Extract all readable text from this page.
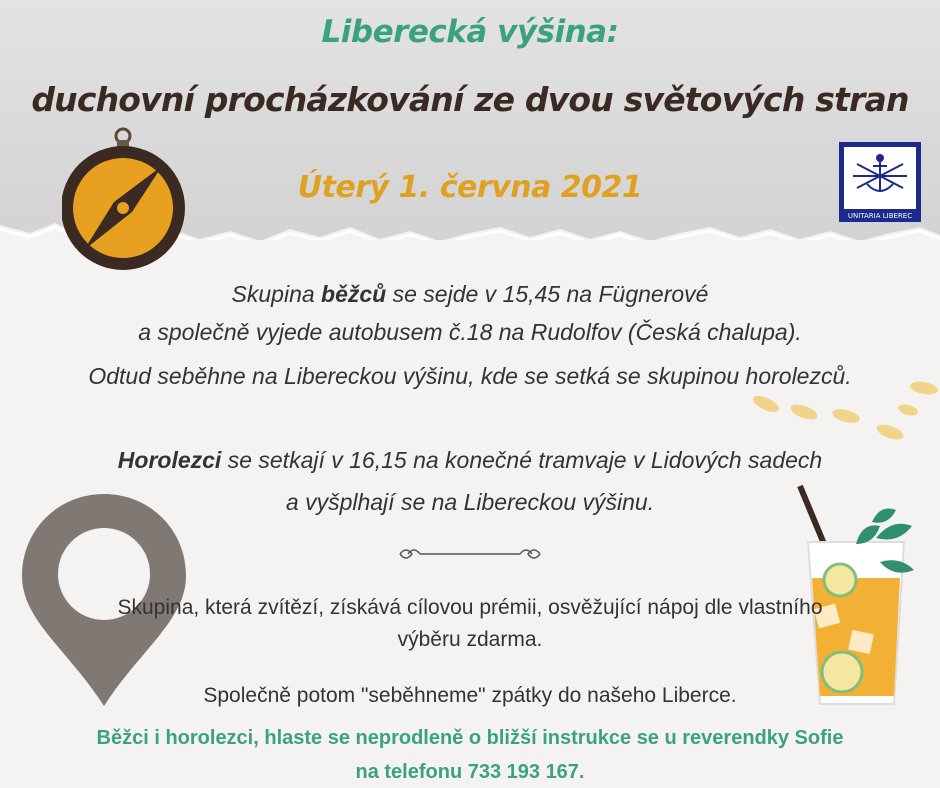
Liberecká výšina:
duchovní procházkování ze dvou světových stran
Úterý 1. června 2021
UNITARIA LIBEREC
Skupina běžců se sejde v 15,45 na Fügnerové
a společně vyjede autobusem č.18 na Rudolfov (Česká chalupa).
Odtud seběhne na Libereckou výšinu, kde se setká se skupinou horolezců.
Horolezci se setkají v 16,15 na konečné tramvaje v Lidových sadech
a vyšplhají se na Libereckou výšinu.
Skupina, která zvítězí, získává cílovou prémii, osvěžující nápoj dle vlastního
výběru zdarma.
Společně potom "seběhneme" zpátky do našeho Liberce.
Běžci i horolezci, hlaste se neprodleně o bližší instrukce se u reverendky Sofie
na telefonu 733 193 167.
